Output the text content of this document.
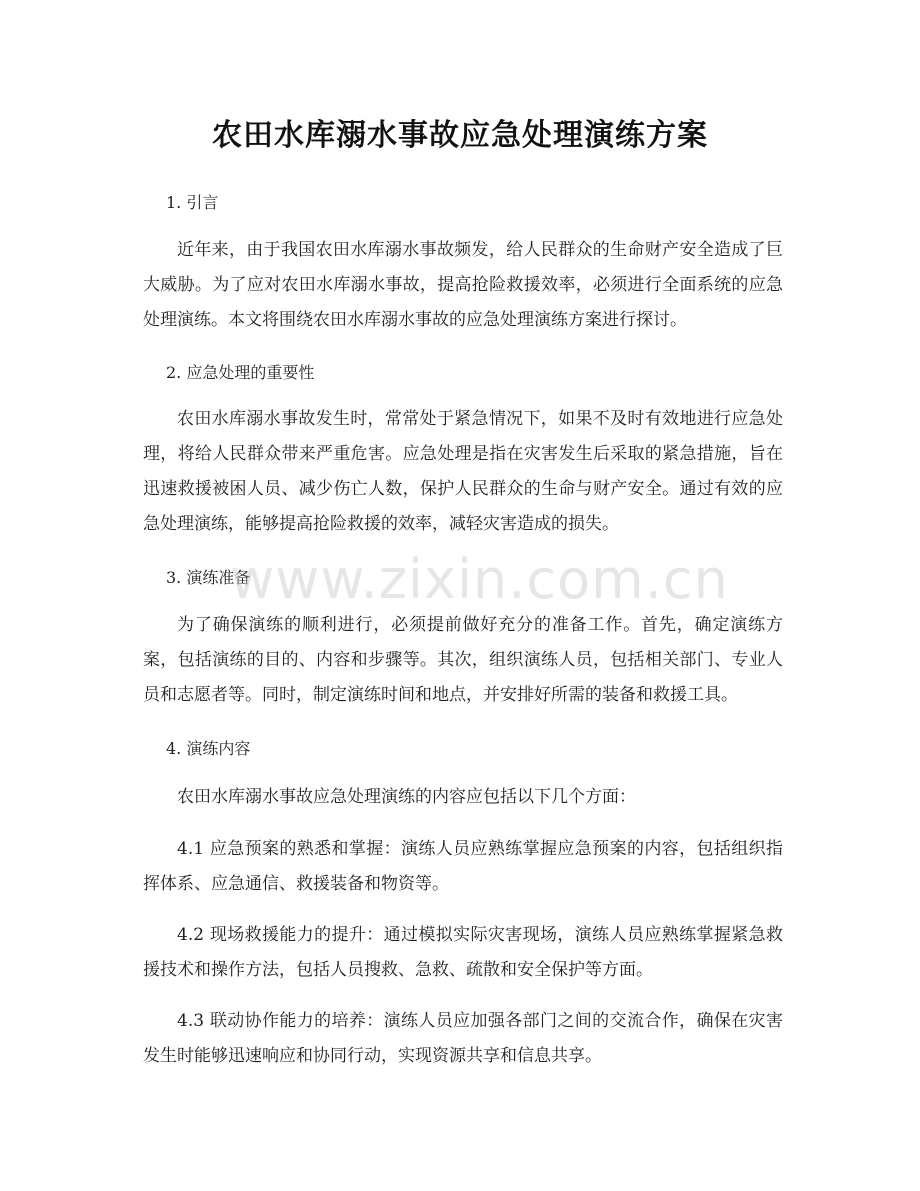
农田水库溺水事故应急处理演练方案
1. 引言
近年来，由于我国农田水库溺水事故频发，给人民群众的生命财产安全造成了巨大威胁。为了应对农田水库溺水事故，提高抢险救援效率，必须进行全面系统的应急处理演练。本文将围绕农田水库溺水事故的应急处理演练方案进行探讨。
2. 应急处理的重要性
农田水库溺水事故发生时，常常处于紧急情况下，如果不及时有效地进行应急处理，将给人民群众带来严重危害。应急处理是指在灾害发生后采取的紧急措施，旨在迅速救援被困人员、减少伤亡人数，保护人民群众的生命与财产安全。通过有效的应急处理演练，能够提高抢险救援的效率，减轻灾害造成的损失。
3. 演练准备
为了确保演练的顺利进行，必须提前做好充分的准备工作。首先，确定演练方案，包括演练的目的、内容和步骤等。其次，组织演练人员，包括相关部门、专业人员和志愿者等。同时，制定演练时间和地点，并安排好所需的装备和救援工具。
4. 演练内容
农田水库溺水事故应急处理演练的内容应包括以下几个方面：
4.1 应急预案的熟悉和掌握：演练人员应熟练掌握应急预案的内容，包括组织指挥体系、应急通信、救援装备和物资等。
4.2 现场救援能力的提升：通过模拟实际灾害现场，演练人员应熟练掌握紧急救援技术和操作方法，包括人员搜救、急救、疏散和安全保护等方面。
4.3 联动协作能力的培养：演练人员应加强各部门之间的交流合作，确保在灾害发生时能够迅速响应和协同行动，实现资源共享和信息共享。
www.zixin.com.cn
